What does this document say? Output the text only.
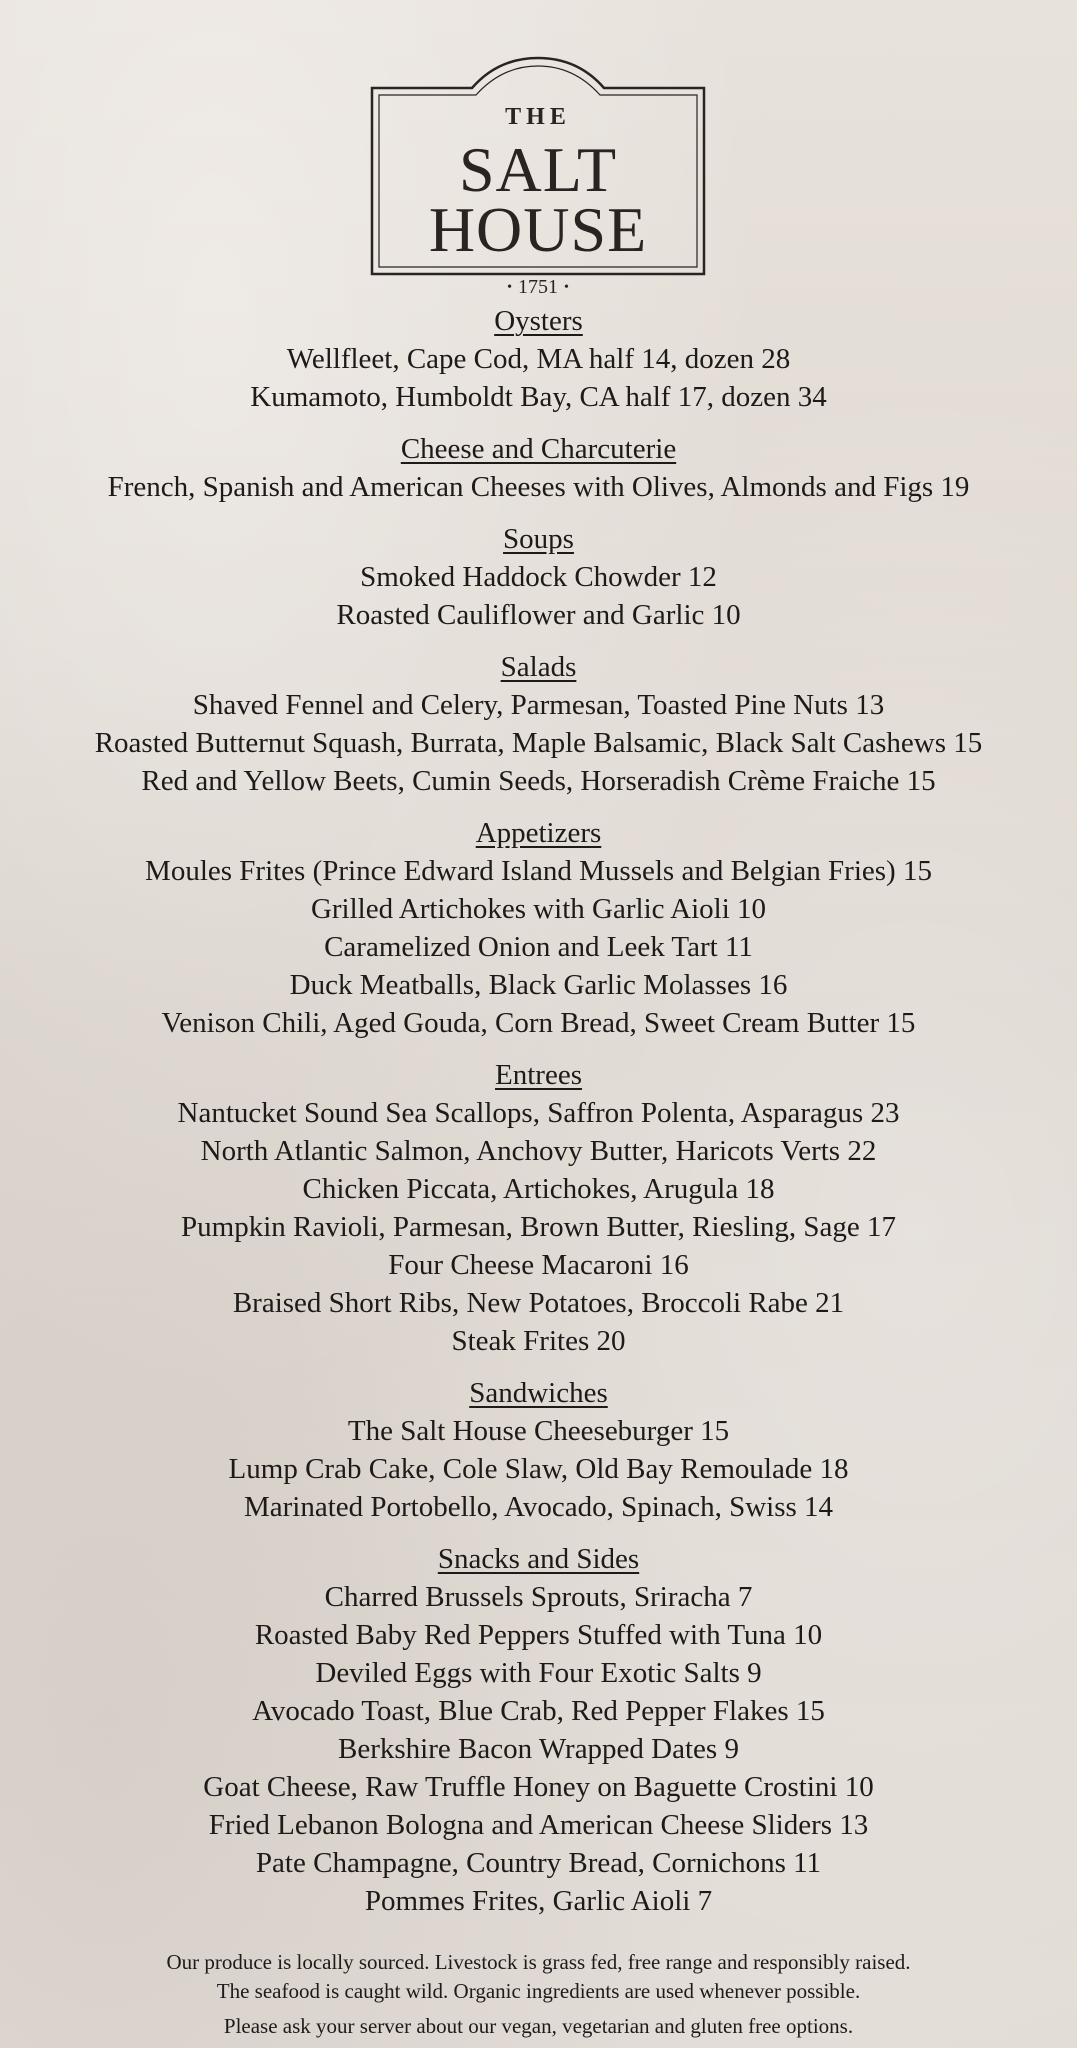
THE
SALT
HOUSE
• 1751 •
Oysters
Wellfleet, Cape Cod, MA half 14, dozen 28
Kumamoto, Humboldt Bay, CA half 17, dozen 34
Cheese and Charcuterie
French, Spanish and American Cheeses with Olives, Almonds and Figs 19
Soups
Smoked Haddock Chowder 12
Roasted Cauliflower and Garlic 10
Salads
Shaved Fennel and Celery, Parmesan, Toasted Pine Nuts 13
Roasted Butternut Squash, Burrata, Maple Balsamic, Black Salt Cashews 15
Red and Yellow Beets, Cumin Seeds, Horseradish Crème Fraiche 15
Appetizers
Moules Frites (Prince Edward Island Mussels and Belgian Fries) 15
Grilled Artichokes with Garlic Aioli 10
Caramelized Onion and Leek Tart 11
Duck Meatballs, Black Garlic Molasses 16
Venison Chili, Aged Gouda, Corn Bread, Sweet Cream Butter 15
Entrees
Nantucket Sound Sea Scallops, Saffron Polenta, Asparagus 23
North Atlantic Salmon, Anchovy Butter, Haricots Verts 22
Chicken Piccata, Artichokes, Arugula 18
Pumpkin Ravioli, Parmesan, Brown Butter, Riesling, Sage 17
Four Cheese Macaroni 16
Braised Short Ribs, New Potatoes, Broccoli Rabe 21
Steak Frites 20
Sandwiches
The Salt House Cheeseburger 15
Lump Crab Cake, Cole Slaw, Old Bay Remoulade 18
Marinated Portobello, Avocado, Spinach, Swiss 14
Snacks and Sides
Charred Brussels Sprouts, Sriracha 7
Roasted Baby Red Peppers Stuffed with Tuna 10
Deviled Eggs with Four Exotic Salts 9
Avocado Toast, Blue Crab, Red Pepper Flakes 15
Berkshire Bacon Wrapped Dates 9
Goat Cheese, Raw Truffle Honey on Baguette Crostini 10
Fried Lebanon Bologna and American Cheese Sliders 13
Pate Champagne, Country Bread, Cornichons 11
Pommes Frites, Garlic Aioli 7
Our produce is locally sourced. Livestock is grass fed, free range and responsibly raised.
The seafood is caught wild. Organic ingredients are used whenever possible.
Please ask your server about our vegan, vegetarian and gluten free options.
